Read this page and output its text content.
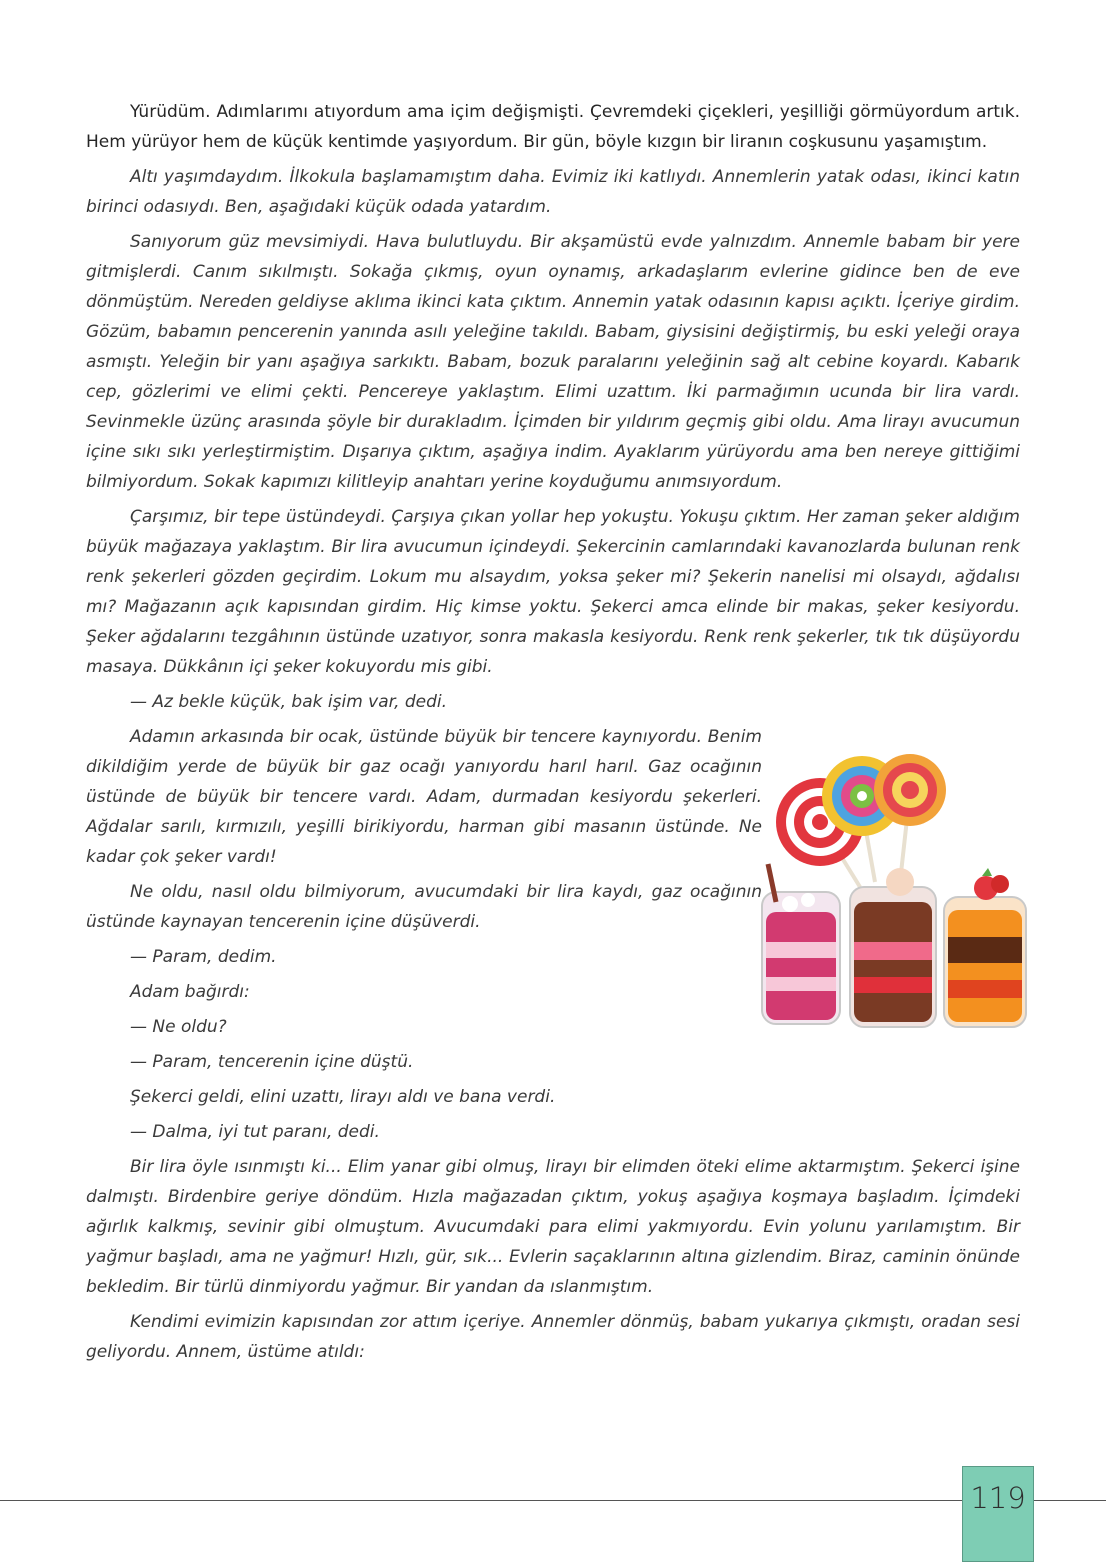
Yürüdüm. Adımlarımı atıyordum ama içim değişmişti. Çevremdeki çiçekleri, yeşilliği görmüyordum artık. Hem yürüyor hem de küçük kentimde yaşıyordum. Bir gün, böyle kızgın bir liranın coşkusunu yaşamıştım.

Altı yaşımdaydım. İlkokula başlamamıştım daha. Evimiz iki katlıydı. Annemlerin yatak odası, ikinci katın birinci odasıydı. Ben, aşağıdaki küçük odada yatardım.

Sanıyorum güz mevsimiydi. Hava bulutluydu. Bir akşamüstü evde yalnızdım. Annemle babam bir yere gitmişlerdi. Canım sıkılmıştı. Sokağa çıkmış, oyun oynamış, arkadaşlarım evlerine gidince ben de eve dönmüştüm. Nereden geldiyse aklıma ikinci kata çıktım. Annemin yatak odasının kapısı açıktı. İçeriye girdim. Gözüm, babamın pencerenin yanında asılı yeleğine takıldı. Babam, giysisini değiştirmiş, bu eski yeleği oraya asmıştı. Yeleğin bir yanı aşağıya sarkıktı. Babam, bozuk paralarını yeleğinin sağ alt cebine koyardı. Kabarık cep, gözlerimi ve elimi çekti. Pencereye yaklaştım. Elimi uzattım. İki parmağımın ucunda bir lira vardı. Sevinmekle üzünç arasında şöyle bir durakladım. İçimden bir yıldırım geçmiş gibi oldu. Ama lirayı avucumun içine sıkı sıkı yerleştirmiştim. Dışarıya çıktım, aşağıya indim. Ayaklarım yürüyordu ama ben nereye gittiğimi bilmiyordum. Sokak kapımızı kilitleyip anahtarı yerine koyduğumu anımsıyordum.

Çarşımız, bir tepe üstündeydi. Çarşıya çıkan yollar hep yokuştu. Yokuşu çıktım. Her zaman şeker aldığım büyük mağazaya yaklaştım. Bir lira avucumun içindeydi. Şekercinin camlarındaki kavanozlarda bulunan renk renk şekerleri gözden geçirdim. Lokum mu alsaydım, yoksa şeker mi? Şekerin nanelisi mi olsaydı, ağdalısı mı? Mağazanın açık kapısından girdim. Hiç kimse yoktu. Şekerci amca elinde bir makas, şeker kesiyordu. Şeker ağdalarını tezgâhının üstünde uzatıyor, sonra makasla kesiyordu. Renk renk şekerler, tık tık düşüyordu masaya. Dükkânın içi şeker kokuyordu mis gibi.

— Az bekle küçük, bak işim var, dedi.

Adamın arkasında bir ocak, üstünde büyük bir tencere kaynıyordu. Benim dikildiğim yerde de büyük bir gaz ocağı yanıyordu harıl harıl. Gaz ocağının üstünde de büyük bir tencere vardı. Adam, durmadan kesiyordu şekerleri. Ağdalar sarılı, kırmızılı, yeşilli birikiyordu, harman gibi masanın üstünde. Ne kadar çok şeker vardı!

Ne oldu, nasıl oldu bilmiyorum, avucumdaki bir lira kaydı, gaz ocağının üstünde kaynayan tencerenin içine düşüverdi.

— Param, dedim.

Adam bağırdı:

— Ne oldu?

— Param, tencerenin içine düştü.

Şekerci geldi, elini uzattı, lirayı aldı ve bana verdi.

— Dalma, iyi tut paranı, dedi.

Bir lira öyle ısınmıştı ki... Elim yanar gibi olmuş, lirayı bir elimden öteki elime aktarmıştım. Şekerci işine dalmıştı. Birdenbire geriye döndüm. Hızla mağazadan çıktım, yokuş aşağıya koşmaya başladım. İçimdeki ağırlık kalkmış, sevinir gibi olmuştum. Avucumdaki para elimi yakmıyordu. Evin yolunu yarılamıştım. Bir yağmur başladı, ama ne yağmur! Hızlı, gür, sık... Evlerin saçaklarının altına gizlendim. Biraz, caminin önünde bekledim. Bir türlü dinmiyordu yağmur. Bir yandan da ıslanmıştım.

Kendimi evimizin kapısından zor attım içeriye. Annemler dönmüş, babam yukarıya çıkmıştı, oradan sesi geliyordu. Annem, üstüme atıldı:

119
